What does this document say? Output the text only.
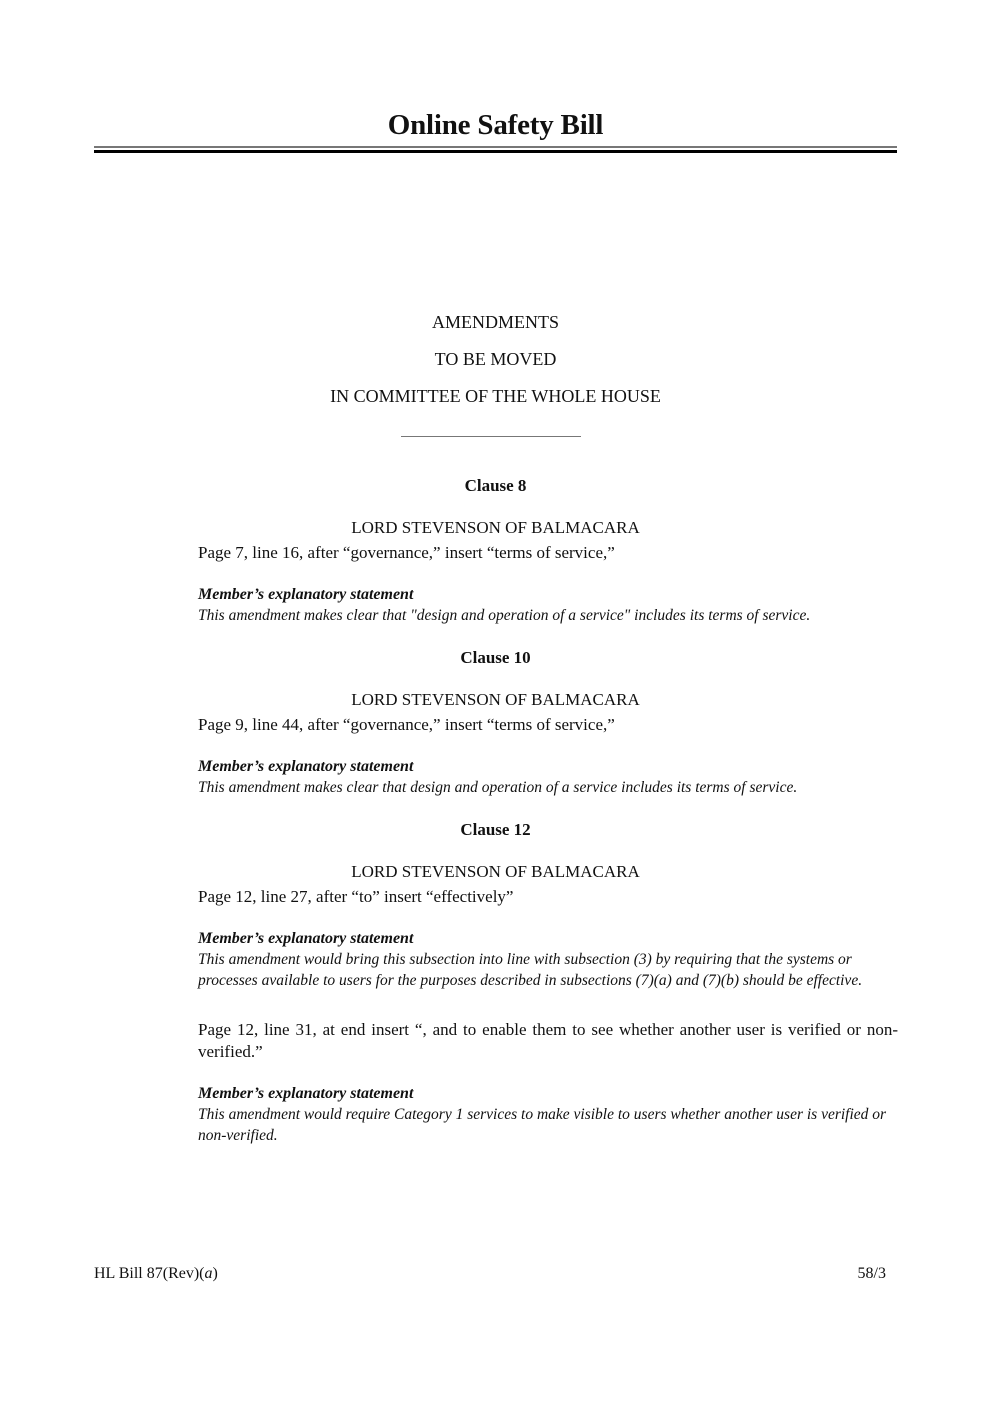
Online Safety Bill
AMENDMENTS
TO BE MOVED
IN COMMITTEE OF THE WHOLE HOUSE

Clause 8

LORD STEVENSON OF BALMACARA

Page 7, line 16, after “governance,” insert “terms of service,”

Member’s explanatory statement
This amendment makes clear that "design and operation of a service" includes its terms of service.

Clause 10

LORD STEVENSON OF BALMACARA

Page 9, line 44, after “governance,” insert “terms of service,”

Member’s explanatory statement
This amendment makes clear that design and operation of a service includes its terms of service.

Clause 12

LORD STEVENSON OF BALMACARA

Page 12, line 27, after “to” insert “effectively”

Member’s explanatory statement
This amendment would bring this subsection into line with subsection (3) by requiring that the systems or processes available to users for the purposes described in subsections (7)(a) and (7)(b) should be effective.

Page 12, line 31, at end insert “, and to enable them to see whether another user is verified or non-verified.”

Member’s explanatory statement
This amendment would require Category 1 services to make visible to users whether another user is verified or non-verified.
HL Bill 87(Rev)(a)	58/3
